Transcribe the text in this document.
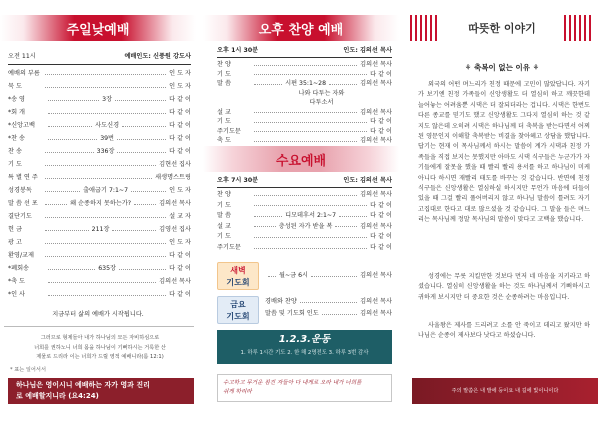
주일낮예배
오전 11시	예배인도: 신풍원 강도사
예배의 부름	인 도 자
묵 도	인 도 자
* 송 영	3장	다 같 이
* 회 개	다 같 이
* 신앙고백	사도신경	다 같 이
* 찬 송	39번	다 같 이
찬 송	336장	다 같 이
기 도	김현선 집사
특 별 연 주	새생명스트링
성경봉독	출애굽기 7:1~7	인 도 자
말 씀 선 포	왜 순종하지 못하는가?	김의선 목사
결단기도	설 교 자
헌 금	211장	김영선 집사
광 고	인 도 자
환영/교제	다 같 이
* 폐회송	635장	다 같 이
* 축 도	김의선 목사
* 인 사	다 같 이
지금부터 삶의 예배가 시작됩니다.
그러므로 형제들아 내가 하나님의 모든 자비하심으로
너희를 권하노니 너희 몸을 하나님이 기뻐하시는 거룩한 산
제물로 드리라 이는 너희가 드릴 영적 예배니라(롬 12:1)
* 표는 일어서서
하나님은 영이시니 예배하는 자가 영과 진리
로 예배할지니라 (요4:24)
오후 찬양 예배
오후 1시 30분	인도: 김의선 목사
찬 양	김의선 목사
기 도	다 같 이
말 씀	시편 35:1~28	김의선 목사
나와 다투는 자와
다투소서
설 교	김의선 목사
기 도	다 같 이
주기도문	다 같 이
축 도	김의선 목사
수요예배
오후 7시 30분	인도: 김의선 목사
찬 양	김의선 목사
기 도	다 같 이
말 씀	디모데후서 2:1~7	다 같 이
설 교	충성된 자가 받을 복	김의선 목사
기 도	다 같 이
주기도문	다 같 이
새벽
기도회
월~금 6시	김의선 목사
금요
기도회
경배와 찬양	김의선 목사
말씀 및 기도회 인도	김의선 목사
1.2.3.운동
1. 하루 1시간 기도 2. 한 해 2명전도 3. 하루 3번 감사
수고하고 무거운 짐진 자들아 다 내게로 오라 내가 너희를
쉬게 하리라
따뜻한 이야기
⚘ 축복이 없는 이유 ⚘
외국의 어떤 며느리가 친정 때문에 고민이 많았답니다. 자기가 보기엔 친정 가족들이 신앙생활도 더 열심히 하고 깨끗한데 늘어놓는 어려움뿐 시댁은 더 잘되더라는 겁니다. 시댁은 한번도 다른 종교를 믿기도 했고 신앙생활도 그다지 열심히 하는 것 같지도 않은데 오히려 시댁은 하나님께 더 축복을 받는다면서 어찌 된 영문인지 이해할 축복받는 비결을 찾아헤고 상담을 했답니다. 답기는 현재 이 목사님께서 하시는 말씀이 계가 시댁과 친정 가족들을 직접 보지는 못했지만 아마도 시댁 식구들은 누군가가 자기들에게 잘못을 했을 때 빨리 빨리 용서를 하고 하나님이 미케 아니다 하시면 재빨리 태도를 바꾸는 것 같습니다. 반면에 친정 식구들은 신앙생활은 열심하실 하시지만 무언가 마음에 더들이 있을 때 그걸 빨리 풀어버리지 않고 하나님 말씀이 틀려도 자기 고집대로 한다고 대로 많으셨을 것 같습니다. 그 말을 들은 며느리는 목사님께 정말 목사님의 말씀이 맞다고 고백을 했습니다.
성경에는 무릇 지킬만한 것보다 먼저 네 마음을 지키라고 하셨습니다. 열심히 신앙생활을 하는 것도 하나님께서 기뻐하시고 귀하게 보시지만 더 중요한 것은 순종하려는 마음입니다.
사울왕은 제사를 드리려고 소를 안 죽이고 데리고 왔지만 하나님은 순종이 제사보다 낫다고 하셨습니다.
주의 말씀은 내 발에 등이요 내 길에 빛이니이다
